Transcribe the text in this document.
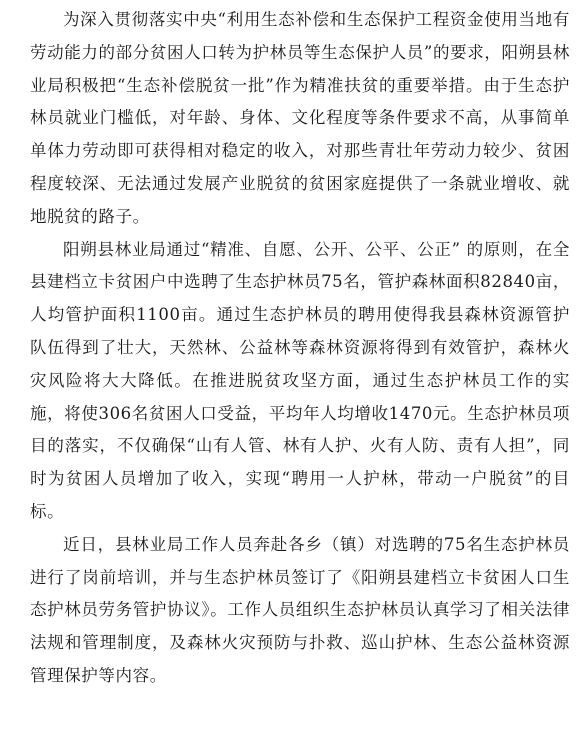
为深入贯彻落实中央“利用生态补偿和生态保护工程资金使用当地有劳动能力的部分贫困人口转为护林员等生态保护人员”的要求，阳朔县林业局积极把“生态补偿脱贫一批”作为精准扶贫的重要举措。由于生态护林员就业门槛低，对年龄、身体、文化程度等条件要求不高，从事简单单体力劳动即可获得相对稳定的收入，对那些青壮年劳动力较少、贫困程度较深、无法通过发展产业脱贫的贫困家庭提供了一条就业增收、就地脱贫的路子。

阳朔县林业局通过“精准、自愿、公开、公平、公正” 的原则，在全县建档立卡贫困户中选聘了生态护林员75名，管护森林面积82840亩，人均管护面积1100亩。通过生态护林员的聘用使得我县森林资源管护队伍得到了壮大，天然林、公益林等森林资源将得到有效管护，森林火灾风险将大大降低。在推进脱贫攻坚方面，通过生态护林员工作的实施，将使306名贫困人口受益，平均年人均增收1470元。生态护林员项目的落实，不仅确保“山有人管、林有人护、火有人防、责有人担”，同时为贫困人员增加了收入，实现“聘用一人护林，带动一户脱贫”的目标。

近日，县林业局工作人员奔赴各乡（镇）对选聘的75名生态护林员进行了岗前培训，并与生态护林员签订了《阳朔县建档立卡贫困人口生态护林员劳务管护协议》。工作人员组织生态护林员认真学习了相关法律法规和管理制度，及森林火灾预防与扑救、巡山护林、生态公益林资源管理保护等内容。
